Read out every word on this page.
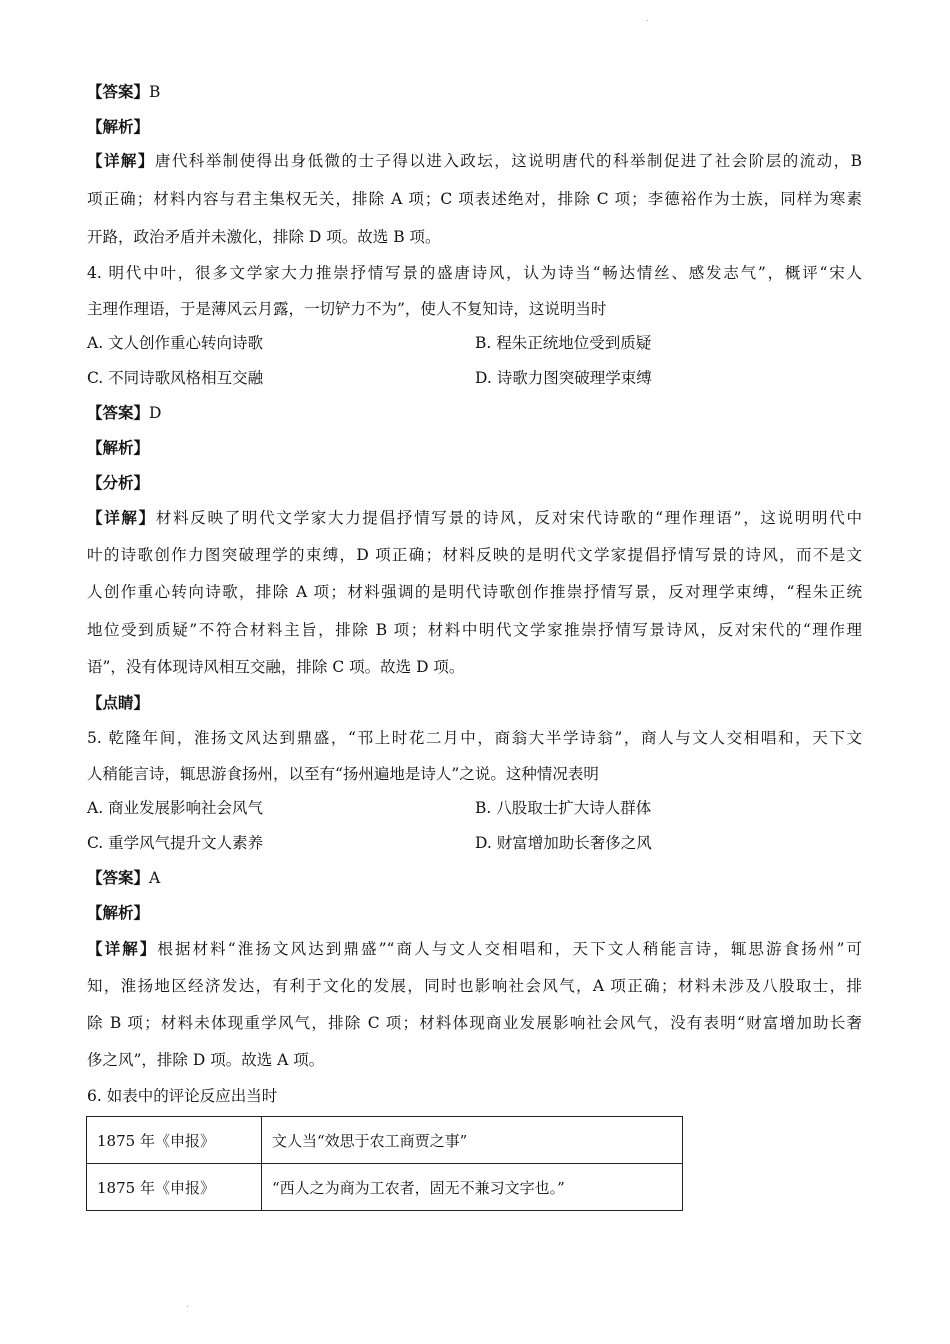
.
【答案】B
【解析】
【详解】唐代科举制使得出身低微的士子得以进入政坛，这说明唐代的科举制促进了社会阶层的流动，B
项正确；材料内容与君主集权无关，排除 A 项；C 项表述绝对，排除 C 项；李德裕作为士族，同样为寒素
开路，政治矛盾并未激化，排除 D 项。故选 B 项。
4. 明代中叶，很多文学家大力推崇抒情写景的盛唐诗风，认为诗当“畅达情丝、感发志气”，概评“宋人
主理作理语，于是薄风云月露，一切铲力不为”，使人不复知诗，这说明当时
A. 文人创作重心转向诗歌	B. 程朱正统地位受到质疑
C. 不同诗歌风格相互交融	D. 诗歌力图突破理学束缚
【答案】D
【解析】
【分析】
【详解】材料反映了明代文学家大力提倡抒情写景的诗风，反对宋代诗歌的“理作理语”，这说明明代中
叶的诗歌创作力图突破理学的束缚，D 项正确；材料反映的是明代文学家提倡抒情写景的诗风，而不是文
人创作重心转向诗歌，排除 A 项；材料强调的是明代诗歌创作推崇抒情写景，反对理学束缚，“程朱正统
地位受到质疑”不符合材料主旨，排除 B 项；材料中明代文学家推崇抒情写景诗风，反对宋代的“理作理
语”，没有体现诗风相互交融，排除 C 项。故选 D 项。
【点睛】
5. 乾隆年间，淮扬文风达到鼎盛，“邗上时花二月中，商翁大半学诗翁”，商人与文人交相唱和，天下文
人稍能言诗，辄思游食扬州，以至有“扬州遍地是诗人”之说。这种情况表明
A. 商业发展影响社会风气	B. 八股取士扩大诗人群体
C. 重学风气提升文人素养	D. 财富增加助长奢侈之风
【答案】A
【解析】
【详解】根据材料“淮扬文风达到鼎盛”“商人与文人交相唱和，天下文人稍能言诗，辄思游食扬州”可
知，淮扬地区经济发达，有利于文化的发展，同时也影响社会风气，A 项正确；材料未涉及八股取士，排
除 B 项；材料未体现重学风气，排除 C 项；材料体现商业发展影响社会风气，没有表明“财富增加助长奢
侈之风”，排除 D 项。故选 A 项。
6. 如表中的评论反应出当时
1875 年《申报》	文人当“效思于农工商贾之事”
1875 年《申报》	“西人之为商为工农者，固无不兼习文字也。”
.
